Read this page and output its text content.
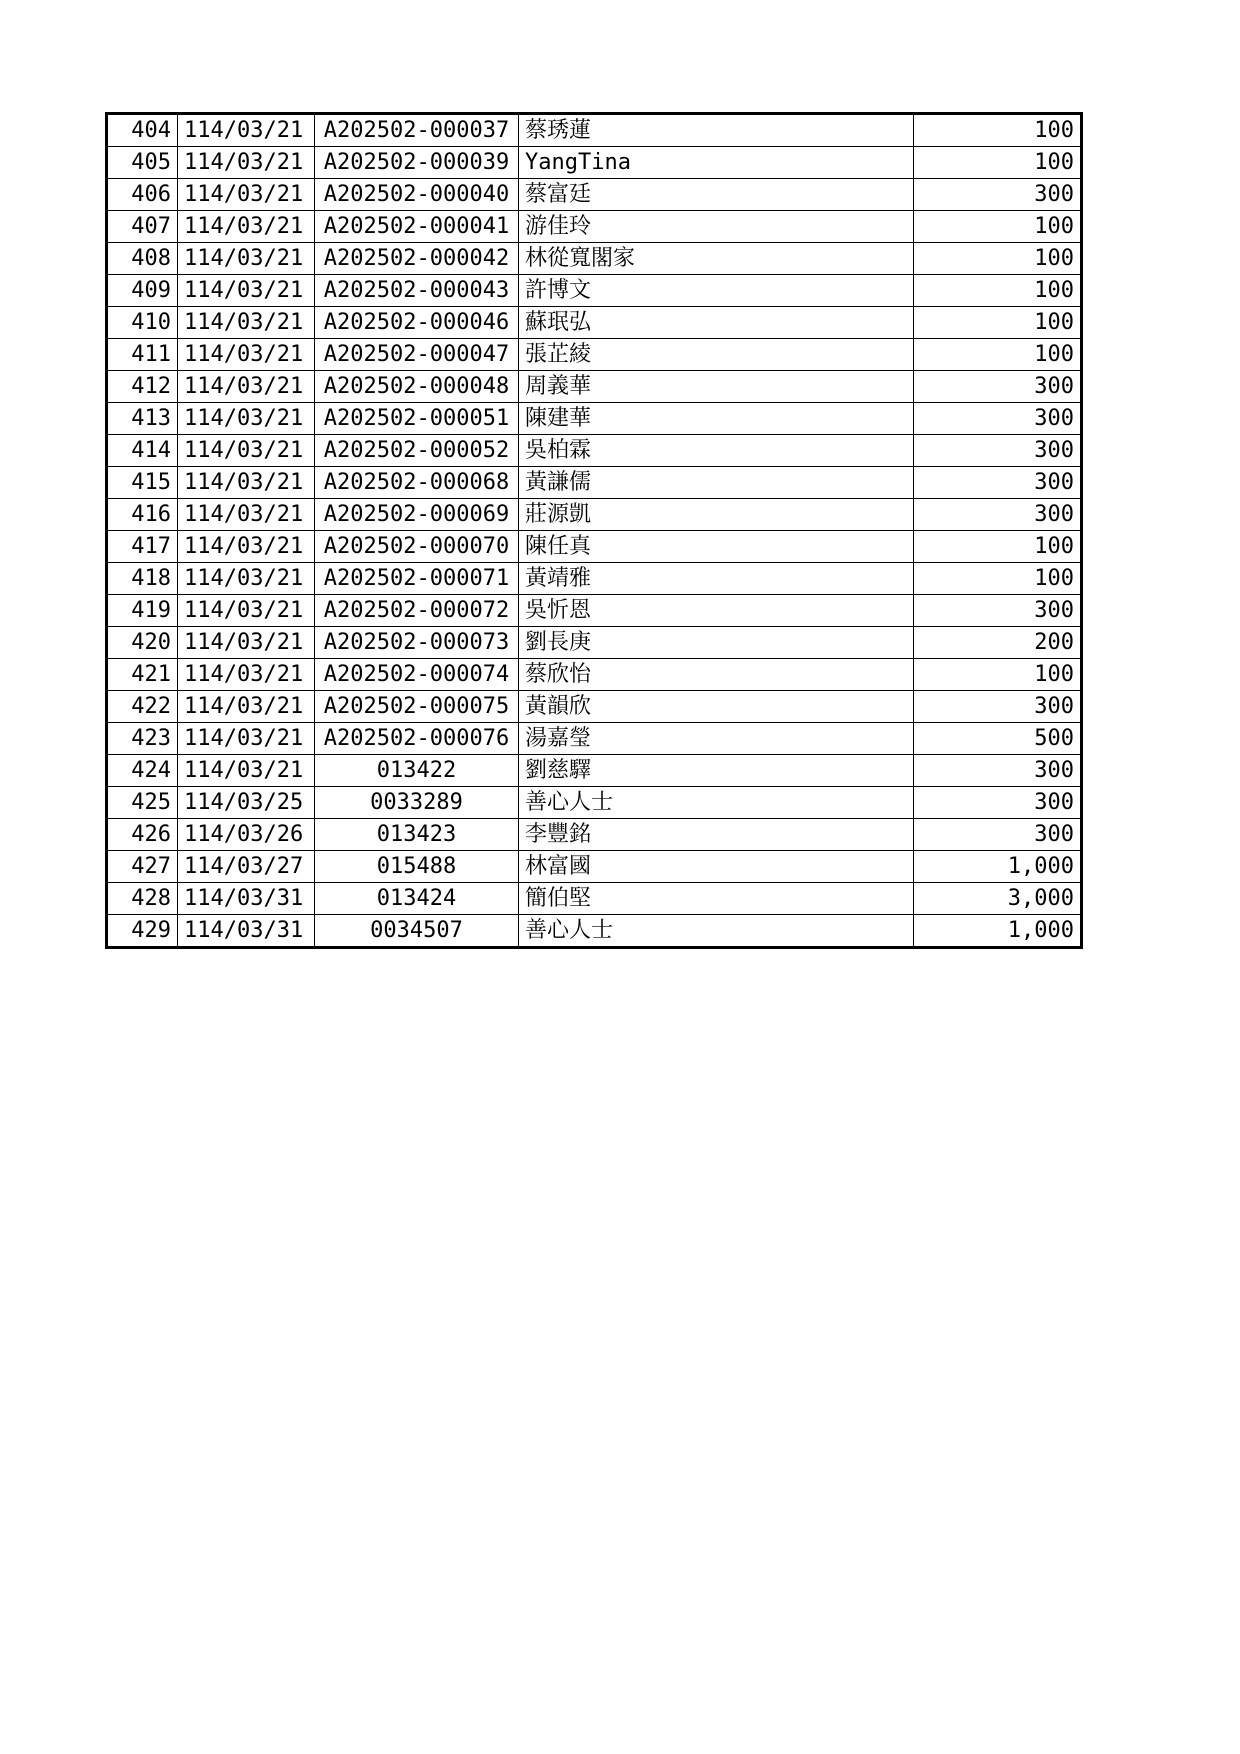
404	114/03/21	A202502-000037	蔡琇蓮	100
405	114/03/21	A202502-000039	YangTina	100
406	114/03/21	A202502-000040	蔡富廷	300
407	114/03/21	A202502-000041	游佳玲	100
408	114/03/21	A202502-000042	林從寬閣家	100
409	114/03/21	A202502-000043	許博文	100
410	114/03/21	A202502-000046	蘇珉弘	100
411	114/03/21	A202502-000047	張芷綾	100
412	114/03/21	A202502-000048	周義華	300
413	114/03/21	A202502-000051	陳建華	300
414	114/03/21	A202502-000052	吳柏霖	300
415	114/03/21	A202502-000068	黃謙儒	300
416	114/03/21	A202502-000069	莊源凱	300
417	114/03/21	A202502-000070	陳任真	100
418	114/03/21	A202502-000071	黃靖雅	100
419	114/03/21	A202502-000072	吳忻恩	300
420	114/03/21	A202502-000073	劉長庚	200
421	114/03/21	A202502-000074	蔡欣怡	100
422	114/03/21	A202502-000075	黃韻欣	300
423	114/03/21	A202502-000076	湯嘉瑩	500
424	114/03/21	013422	劉慈驛	300
425	114/03/25	0033289	善心人士	300
426	114/03/26	013423	李豐銘	300
427	114/03/27	015488	林富國	1,000
428	114/03/31	013424	簡伯堅	3,000
429	114/03/31	0034507	善心人士	1,000
